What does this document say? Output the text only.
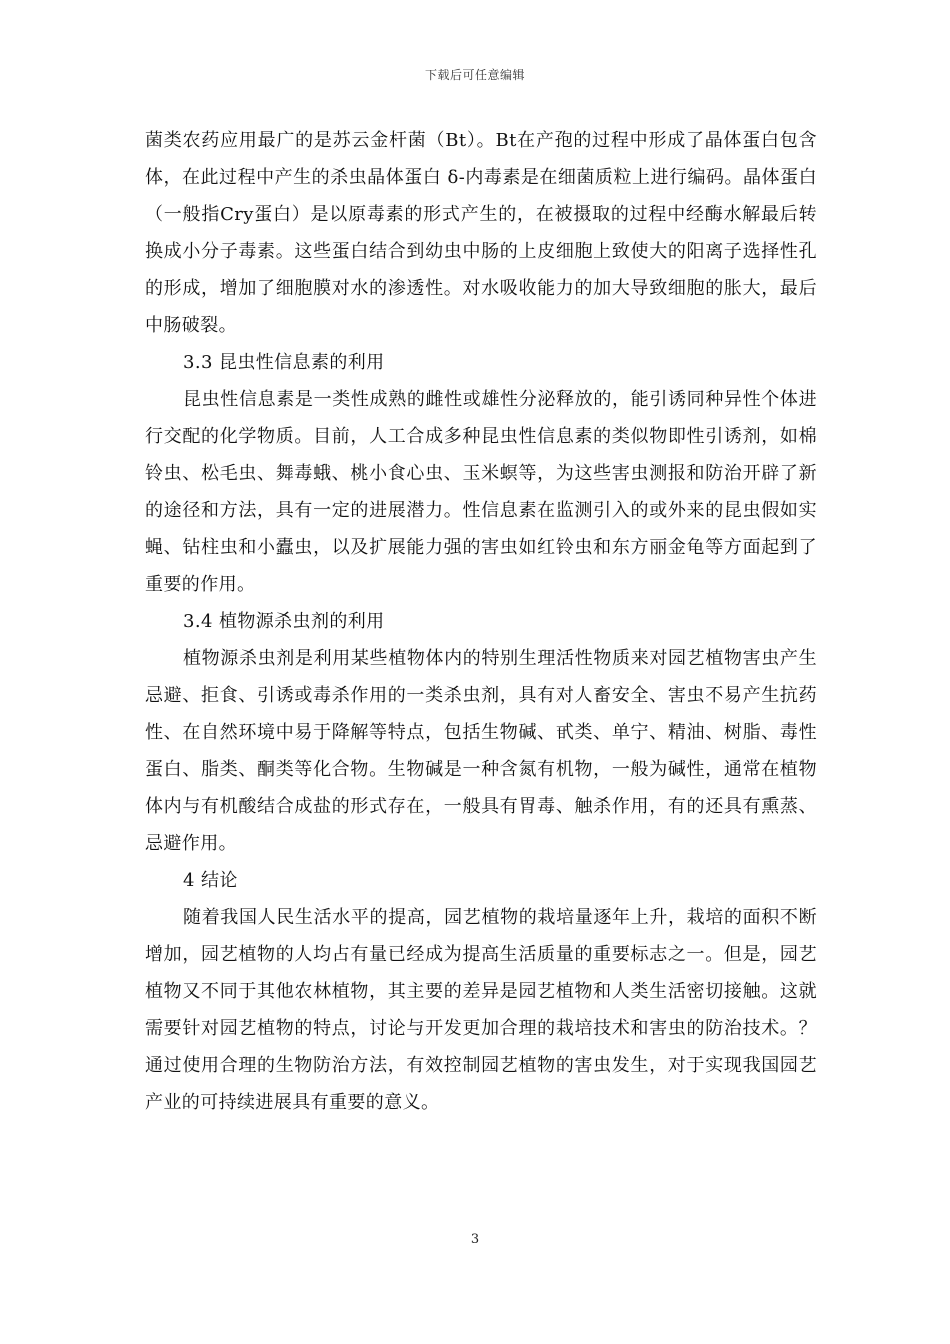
下载后可任意编辑

菌类农药应用最广的是苏云金杆菌（Bt）。Bt在产孢的过程中形成了晶体蛋白包含体，在此过程中产生的杀虫晶体蛋白 δ-内毒素是在细菌质粒上进行编码。晶体蛋白（一般指Cry蛋白）是以原毒素的形式产生的，在被摄取的过程中经酶水解最后转换成小分子毒素。这些蛋白结合到幼虫中肠的上皮细胞上致使大的阳离子选择性孔的形成，增加了细胞膜对水的渗透性。对水吸收能力的加大导致细胞的胀大，最后中肠破裂。

3.3 昆虫性信息素的利用

昆虫性信息素是一类性成熟的雌性或雄性分泌释放的，能引诱同种异性个体进行交配的化学物质。目前，人工合成多种昆虫性信息素的类似物即性引诱剂，如棉铃虫、松毛虫、舞毒蛾、桃小食心虫、玉米螟等，为这些害虫测报和防治开辟了新的途径和方法，具有一定的进展潜力。性信息素在监测引入的或外来的昆虫假如实蝇、钻柱虫和小蠹虫，以及扩展能力强的害虫如红铃虫和东方丽金龟等方面起到了重要的作用。

3.4 植物源杀虫剂的利用

植物源杀虫剂是利用某些植物体内的特别生理活性物质来对园艺植物害虫产生忌避、拒食、引诱或毒杀作用的一类杀虫剂，具有对人畜安全、害虫不易产生抗药性、在自然环境中易于降解等特点，包括生物碱、甙类、单宁、精油、树脂、毒性蛋白、脂类、酮类等化合物。生物碱是一种含氮有机物，一般为碱性，通常在植物体内与有机酸结合成盐的形式存在，一般具有胃毒、触杀作用，有的还具有熏蒸、忌避作用。

4 结论

随着我国人民生活水平的提高，园艺植物的栽培量逐年上升，栽培的面积不断增加，园艺植物的人均占有量已经成为提高生活质量的重要标志之一。但是，园艺植物又不同于其他农林植物，其主要的差异是园艺植物和人类生活密切接触。这就需要针对园艺植物的特点，讨论与开发更加合理的栽培技术和害虫的防治技术。？通过使用合理的生物防治方法，有效控制园艺植物的害虫发生，对于实现我国园艺产业的可持续进展具有重要的意义。

3
